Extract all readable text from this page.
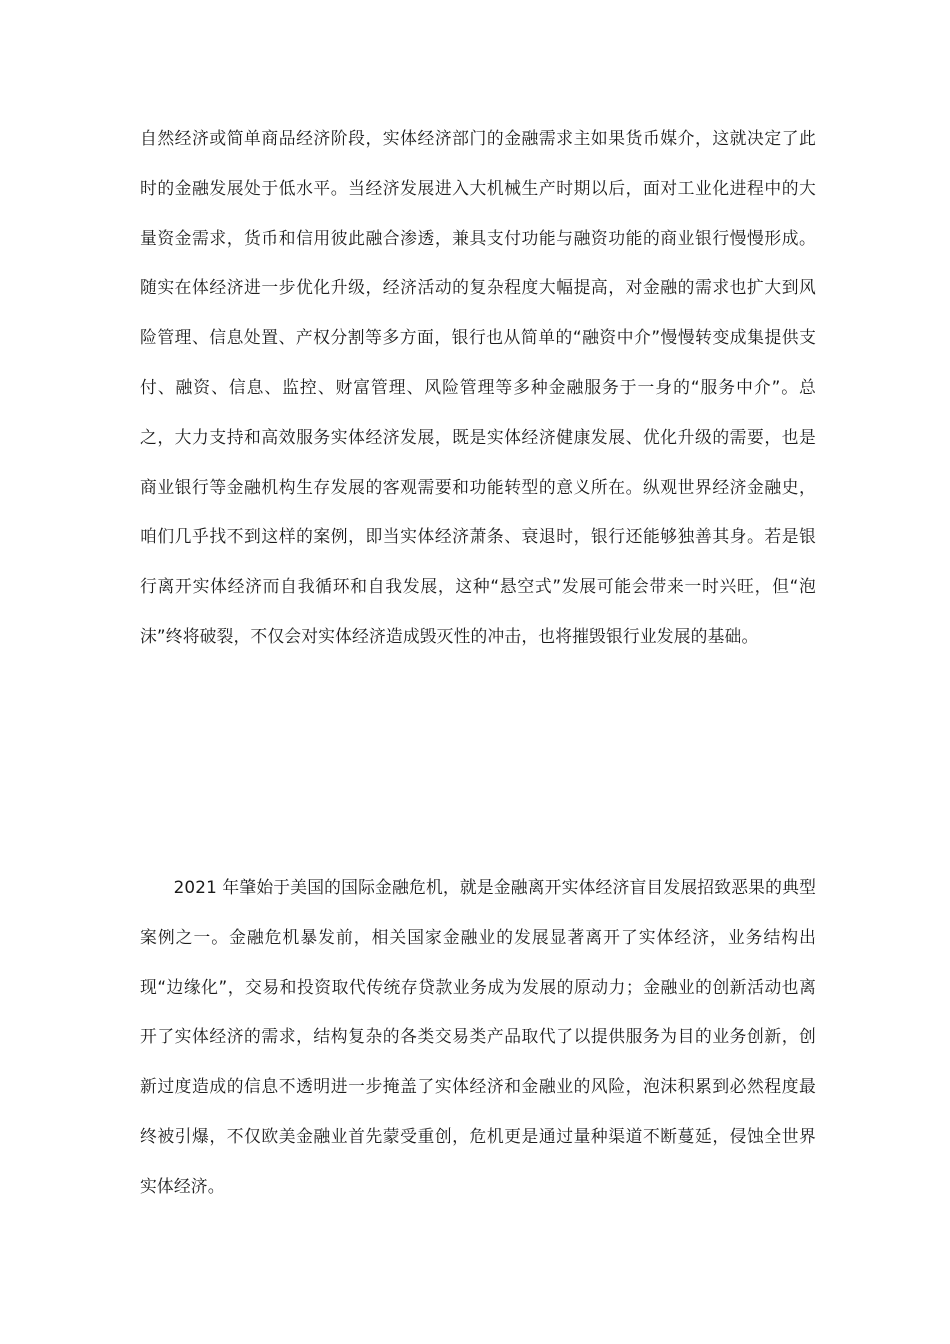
自然经济或简单商品经济阶段，实体经济部门的金融需求主如果货币媒介，这就决定了此时的金融发展处于低水平。当经济发展进入大机械生产时期以后，面对工业化进程中的大量资金需求，货币和信用彼此融合渗透，兼具支付功能与融资功能的商业银行慢慢形成。随实在体经济进一步优化升级，经济活动的复杂程度大幅提高，对金融的需求也扩大到风险管理、信息处置、产权分割等多方面，银行也从简单的“融资中介”慢慢转变成集提供支付、融资、信息、监控、财富管理、风险管理等多种金融服务于一身的“服务中介”。总之，大力支持和高效服务实体经济发展，既是实体经济健康发展、优化升级的需要，也是商业银行等金融机构生存发展的客观需要和功能转型的意义所在。纵观世界经济金融史，咱们几乎找不到这样的案例，即当实体经济萧条、衰退时，银行还能够独善其身。若是银行离开实体经济而自我循环和自我发展，这种“悬空式”发展可能会带来一时兴旺，但“泡沫”终将破裂，不仅会对实体经济造成毁灭性的冲击，也将摧毁银行业发展的基础。

2021 年肇始于美国的国际金融危机，就是金融离开实体经济盲目发展招致恶果的典型案例之一。金融危机暴发前，相关国家金融业的发展显著离开了实体经济，业务结构出现“边缘化”，交易和投资取代传统存贷款业务成为发展的原动力；金融业的创新活动也离开了实体经济的需求，结构复杂的各类交易类产品取代了以提供服务为目的业务创新，创新过度造成的信息不透明进一步掩盖了实体经济和金融业的风险，泡沫积累到必然程度最终被引爆，不仅欧美金融业首先蒙受重创，危机更是通过量种渠道不断蔓延，侵蚀全世界实体经济。
